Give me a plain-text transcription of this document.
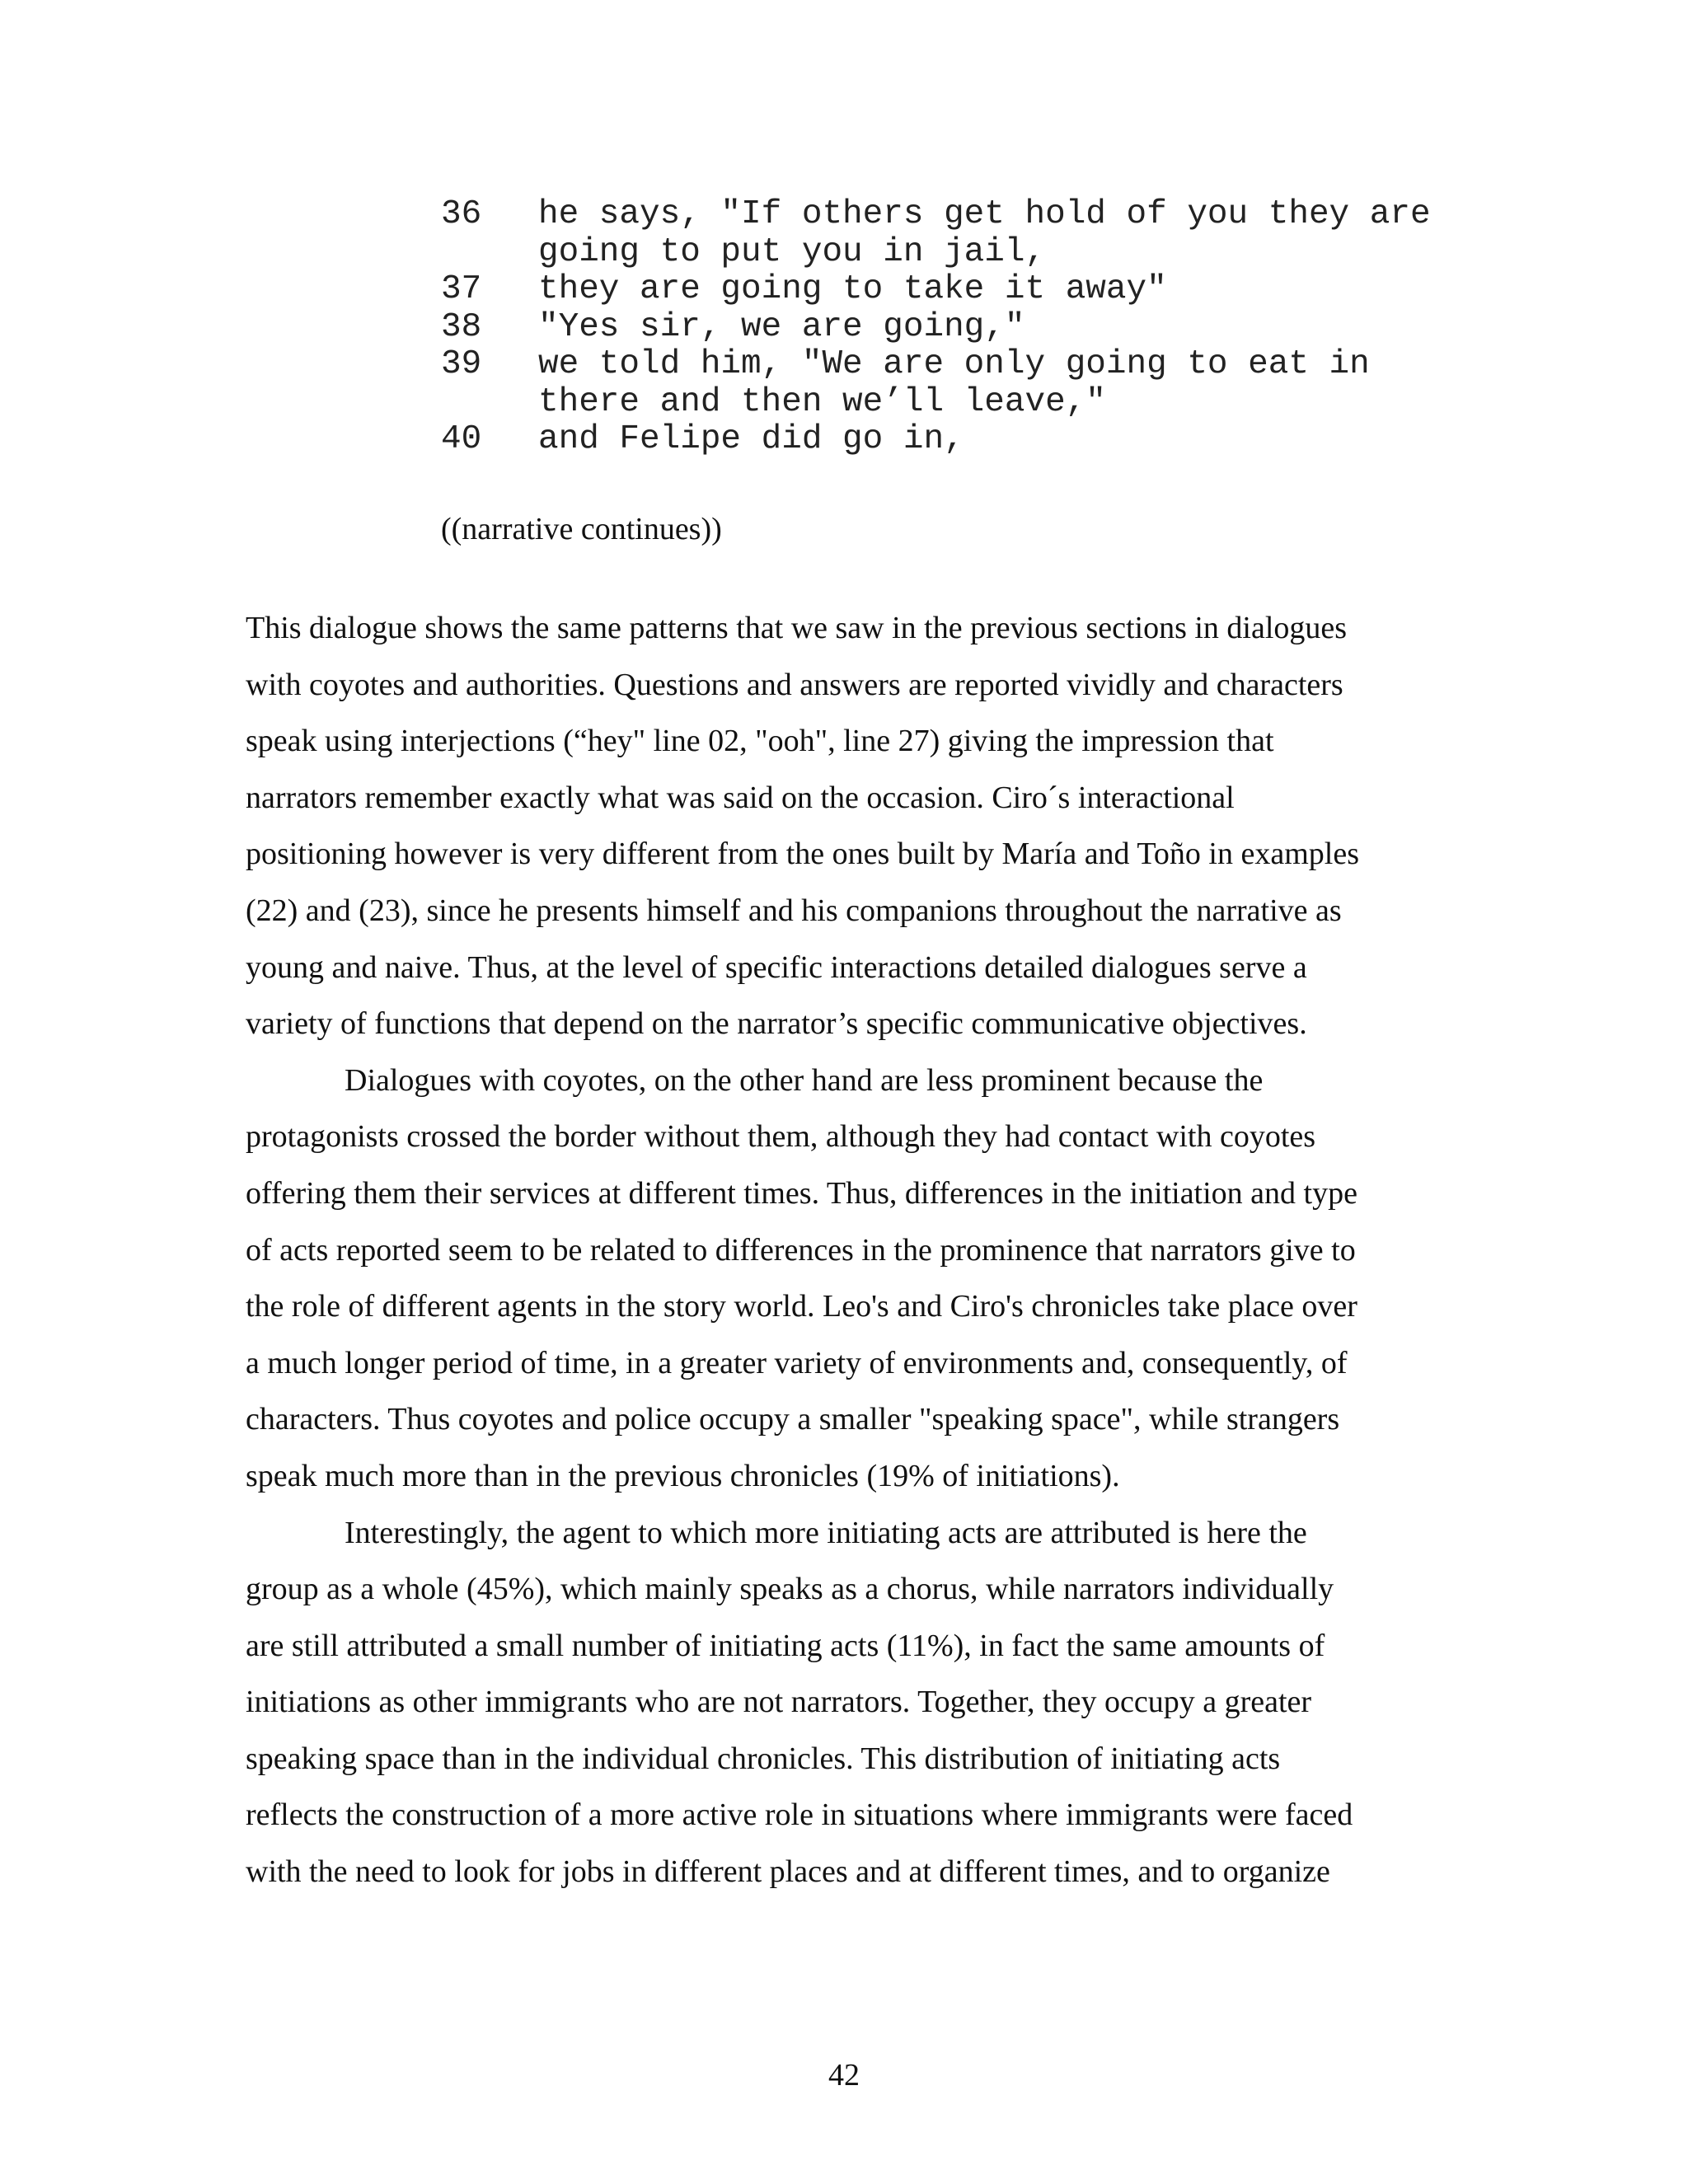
36	he says, "If others get hold of you they are
going to put you in jail,
37	they are going to take it away"
38	"Yes sir, we are going,"
39	we told him, "We are only going to eat in
there and then we’ll leave,"
40	and Felipe did go in,
((narrative continues))
This dialogue shows the same patterns that we saw in the previous sections in dialogues
with coyotes and authorities. Questions and answers are reported vividly and characters
speak using interjections (“hey" line 02, "ooh", line 27) giving the impression that
narrators remember exactly what was said on the occasion. Ciro´s interactional
positioning however is very different from the ones built by María and Toño in examples
(22) and (23), since he presents himself and his companions throughout the narrative as
young and naive. Thus, at the level of specific interactions detailed dialogues serve a
variety of functions that depend on the narrator’s specific communicative objectives.
Dialogues with coyotes, on the other hand are less prominent because the
protagonists crossed the border without them, although they had contact with coyotes
offering them their services at different times. Thus, differences in the initiation and type
of acts reported seem to be related to differences in the prominence that narrators give to
the role of different agents in the story world. Leo's and Ciro's chronicles take place over
a much longer period of time, in a greater variety of environments and, consequently, of
characters. Thus coyotes and police occupy a smaller "speaking space", while strangers
speak much more than in the previous chronicles (19% of initiations).
Interestingly, the agent to which more initiating acts are attributed is here the
group as a whole (45%), which mainly speaks as a chorus, while narrators individually
are still attributed a small number of initiating acts (11%), in fact the same amounts of
initiations as other immigrants who are not narrators. Together, they occupy a greater
speaking space than in the individual chronicles. This distribution of initiating acts
reflects the construction of a more active role in situations where immigrants were faced
with the need to look for jobs in different places and at different times, and to organize
42
